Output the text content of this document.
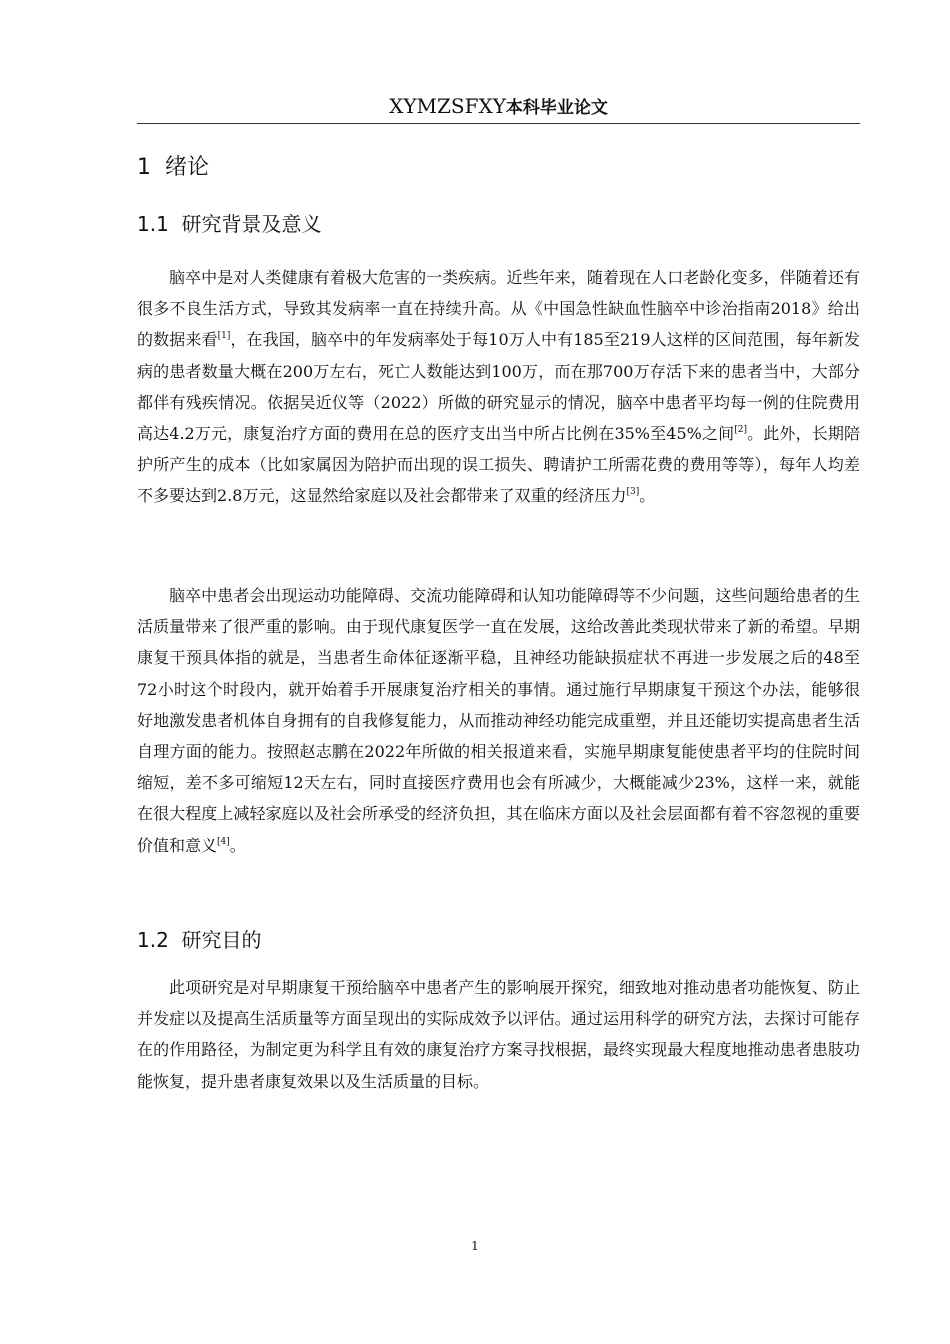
XYMZSFXY本科毕业论文
1 绪论
1.1 研究背景及意义

脑卒中是对人类健康有着极大危害的一类疾病。近些年来，随着现在人口老龄化变多，伴随着还有很多不良生活方式，导致其发病率一直在持续升高。从《中国急性缺血性脑卒中诊治指南2018》给出的数据来看[1]，在我国，脑卒中的年发病率处于每10万人中有185至219人这样的区间范围，每年新发病的患者数量大概在200万左右，死亡人数能达到100万，而在那700万存活下来的患者当中，大部分都伴有残疾情况。依据吴近仪等（2022）所做的研究显示的情况，脑卒中患者平均每一例的住院费用高达4.2万元，康复治疗方面的费用在总的医疗支出当中所占比例在35%至45%之间[2]。此外，长期陪护所产生的成本（比如家属因为陪护而出现的误工损失、聘请护工所需花费的费用等等），每年人均差不多要达到2.8万元，这显然给家庭以及社会都带来了双重的经济压力[3]。

脑卒中患者会出现运动功能障碍、交流功能障碍和认知功能障碍等不少问题，这些问题给患者的生活质量带来了很严重的影响。由于现代康复医学一直在发展，这给改善此类现状带来了新的希望。早期康复干预具体指的就是，当患者生命体征逐渐平稳，且神经功能缺损症状不再进一步发展之后的48至72小时这个时段内，就开始着手开展康复治疗相关的事情。通过施行早期康复干预这个办法，能够很好地激发患者机体自身拥有的自我修复能力，从而推动神经功能完成重塑，并且还能切实提高患者生活自理方面的能力。按照赵志鹏在2022年所做的相关报道来看，实施早期康复能使患者平均的住院时间缩短，差不多可缩短12天左右，同时直接医疗费用也会有所减少，大概能减少23%，这样一来，就能在很大程度上减轻家庭以及社会所承受的经济负担，其在临床方面以及社会层面都有着不容忽视的重要价值和意义[4]。

1.2 研究目的

此项研究是对早期康复干预给脑卒中患者产生的影响展开探究，细致地对推动患者功能恢复、防止并发症以及提高生活质量等方面呈现出的实际成效予以评估。通过运用科学的研究方法，去探讨可能存在的作用路径，为制定更为科学且有效的康复治疗方案寻找根据，最终实现最大程度地推动患者患肢功能恢复，提升患者康复效果以及生活质量的目标。

1
